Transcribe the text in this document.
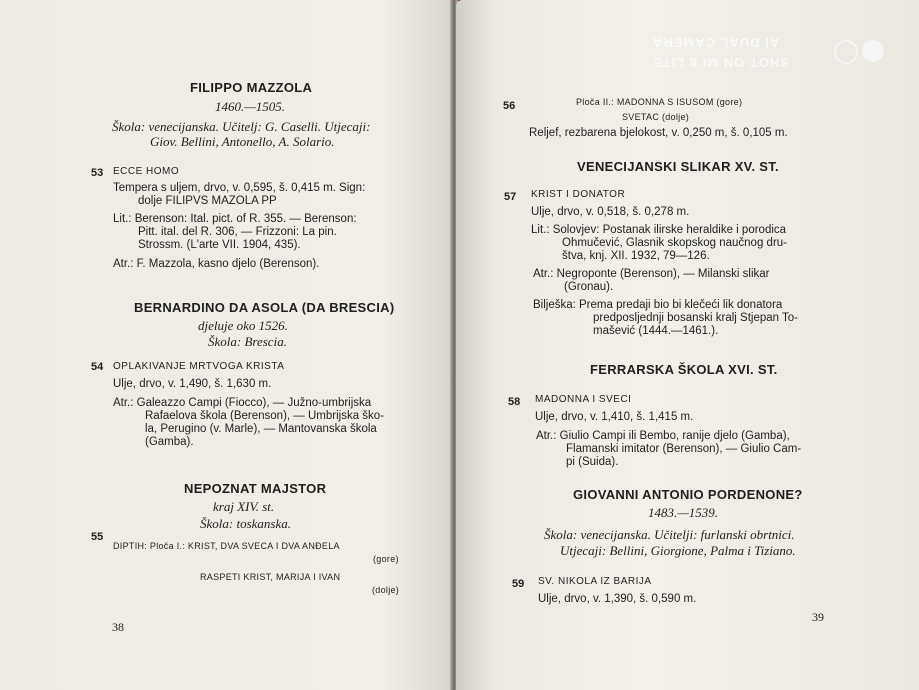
FILIPPO MAZZOLA
1460.—1505.
Škola: venecijanska. Učitelj: G. Caselli. Utjecaji:
Giov. Bellini, Antonello, A. Solario.
53 ECCE HOMO
Tempera s uljem, drvo, v. 0,595, š. 0,415 m. Sign:
dolje FILIPVS MAZOLA PP
Lit.: Berenson: Ital. pict. of R. 355. — Berenson:
Pitt. ital. del R. 306, — Frizzoni: La pin.
Strossm. (L'arte VII. 1904, 435).
Atr.: F. Mazzola, kasno djelo (Berenson).
BERNARDINO DA ASOLA (DA BRESCIA)
djeluje oko 1526.
Škola: Brescia.
54 OPLAKIVANJE MRTVOGA KRISTA
Ulje, drvo, v. 1,490, š. 1,630 m.
Atr.: Galeazzo Campi (Fiocco), — Južno-umbrijska
Rafaelova škola (Berenson), — Umbrijska ško-
la, Perugino (v. Marle), — Mantovanska škola
(Gamba).
NEPOZNAT MAJSTOR
kraj XIV. st.
Škola: toskanska.
55
DIPTIH: Ploča I.: KRIST, DVA SVECA I DVA ANĐELA
(gore)
RASPETI KRIST, MARIJA I IVAN
(dolje)
38
56	Ploča II.: MADONNA S ISUSOM (gore)
SVETAC (dolje)
Reljef, rezbarena bjelokost, v. 0,250 m, š. 0,105 m.
VENECIJANSKI SLIKAR XV. ST.
57 KRIST I DONATOR
Ulje, drvo, v. 0,518, š. 0,278 m.
Lit.: Solovjev: Postanak ilirske heraldike i porodica
Ohmučević, Glasnik skopskog naučnog dru-
štva, knj. XII. 1932, 79—126.
Atr.: Negroponte (Berenson), — Milanski slikar
(Gronau).
Bilješka: Prema predaji bio bi klečeći lik donatora
predposljednji bosanski kralj Stjepan To-
mašević (1444.—1461.).
FERRARSKA ŠKOLA XVI. ST.
58 MADONNA I SVECI
Ulje, drvo, v. 1,410, š. 1,415 m.
Atr.: Giulio Campi ili Bembo, ranije djelo (Gamba),
Flamanski imitator (Berenson), — Giulio Cam-
pi (Suida).
GIOVANNI ANTONIO PORDENONE?
1483.—1539.
Škola: venecijanska. Učitelji: furlanski obrtnici.
Utjecaji: Bellini, Giorgione, Palma i Tiziano.
59 SV. NIKOLA IZ BARIJA
Ulje, drvo, v. 1,390, š. 0,590 m.
39
SHOT ON MI 8 LITE
AI DUAL CAMERA
